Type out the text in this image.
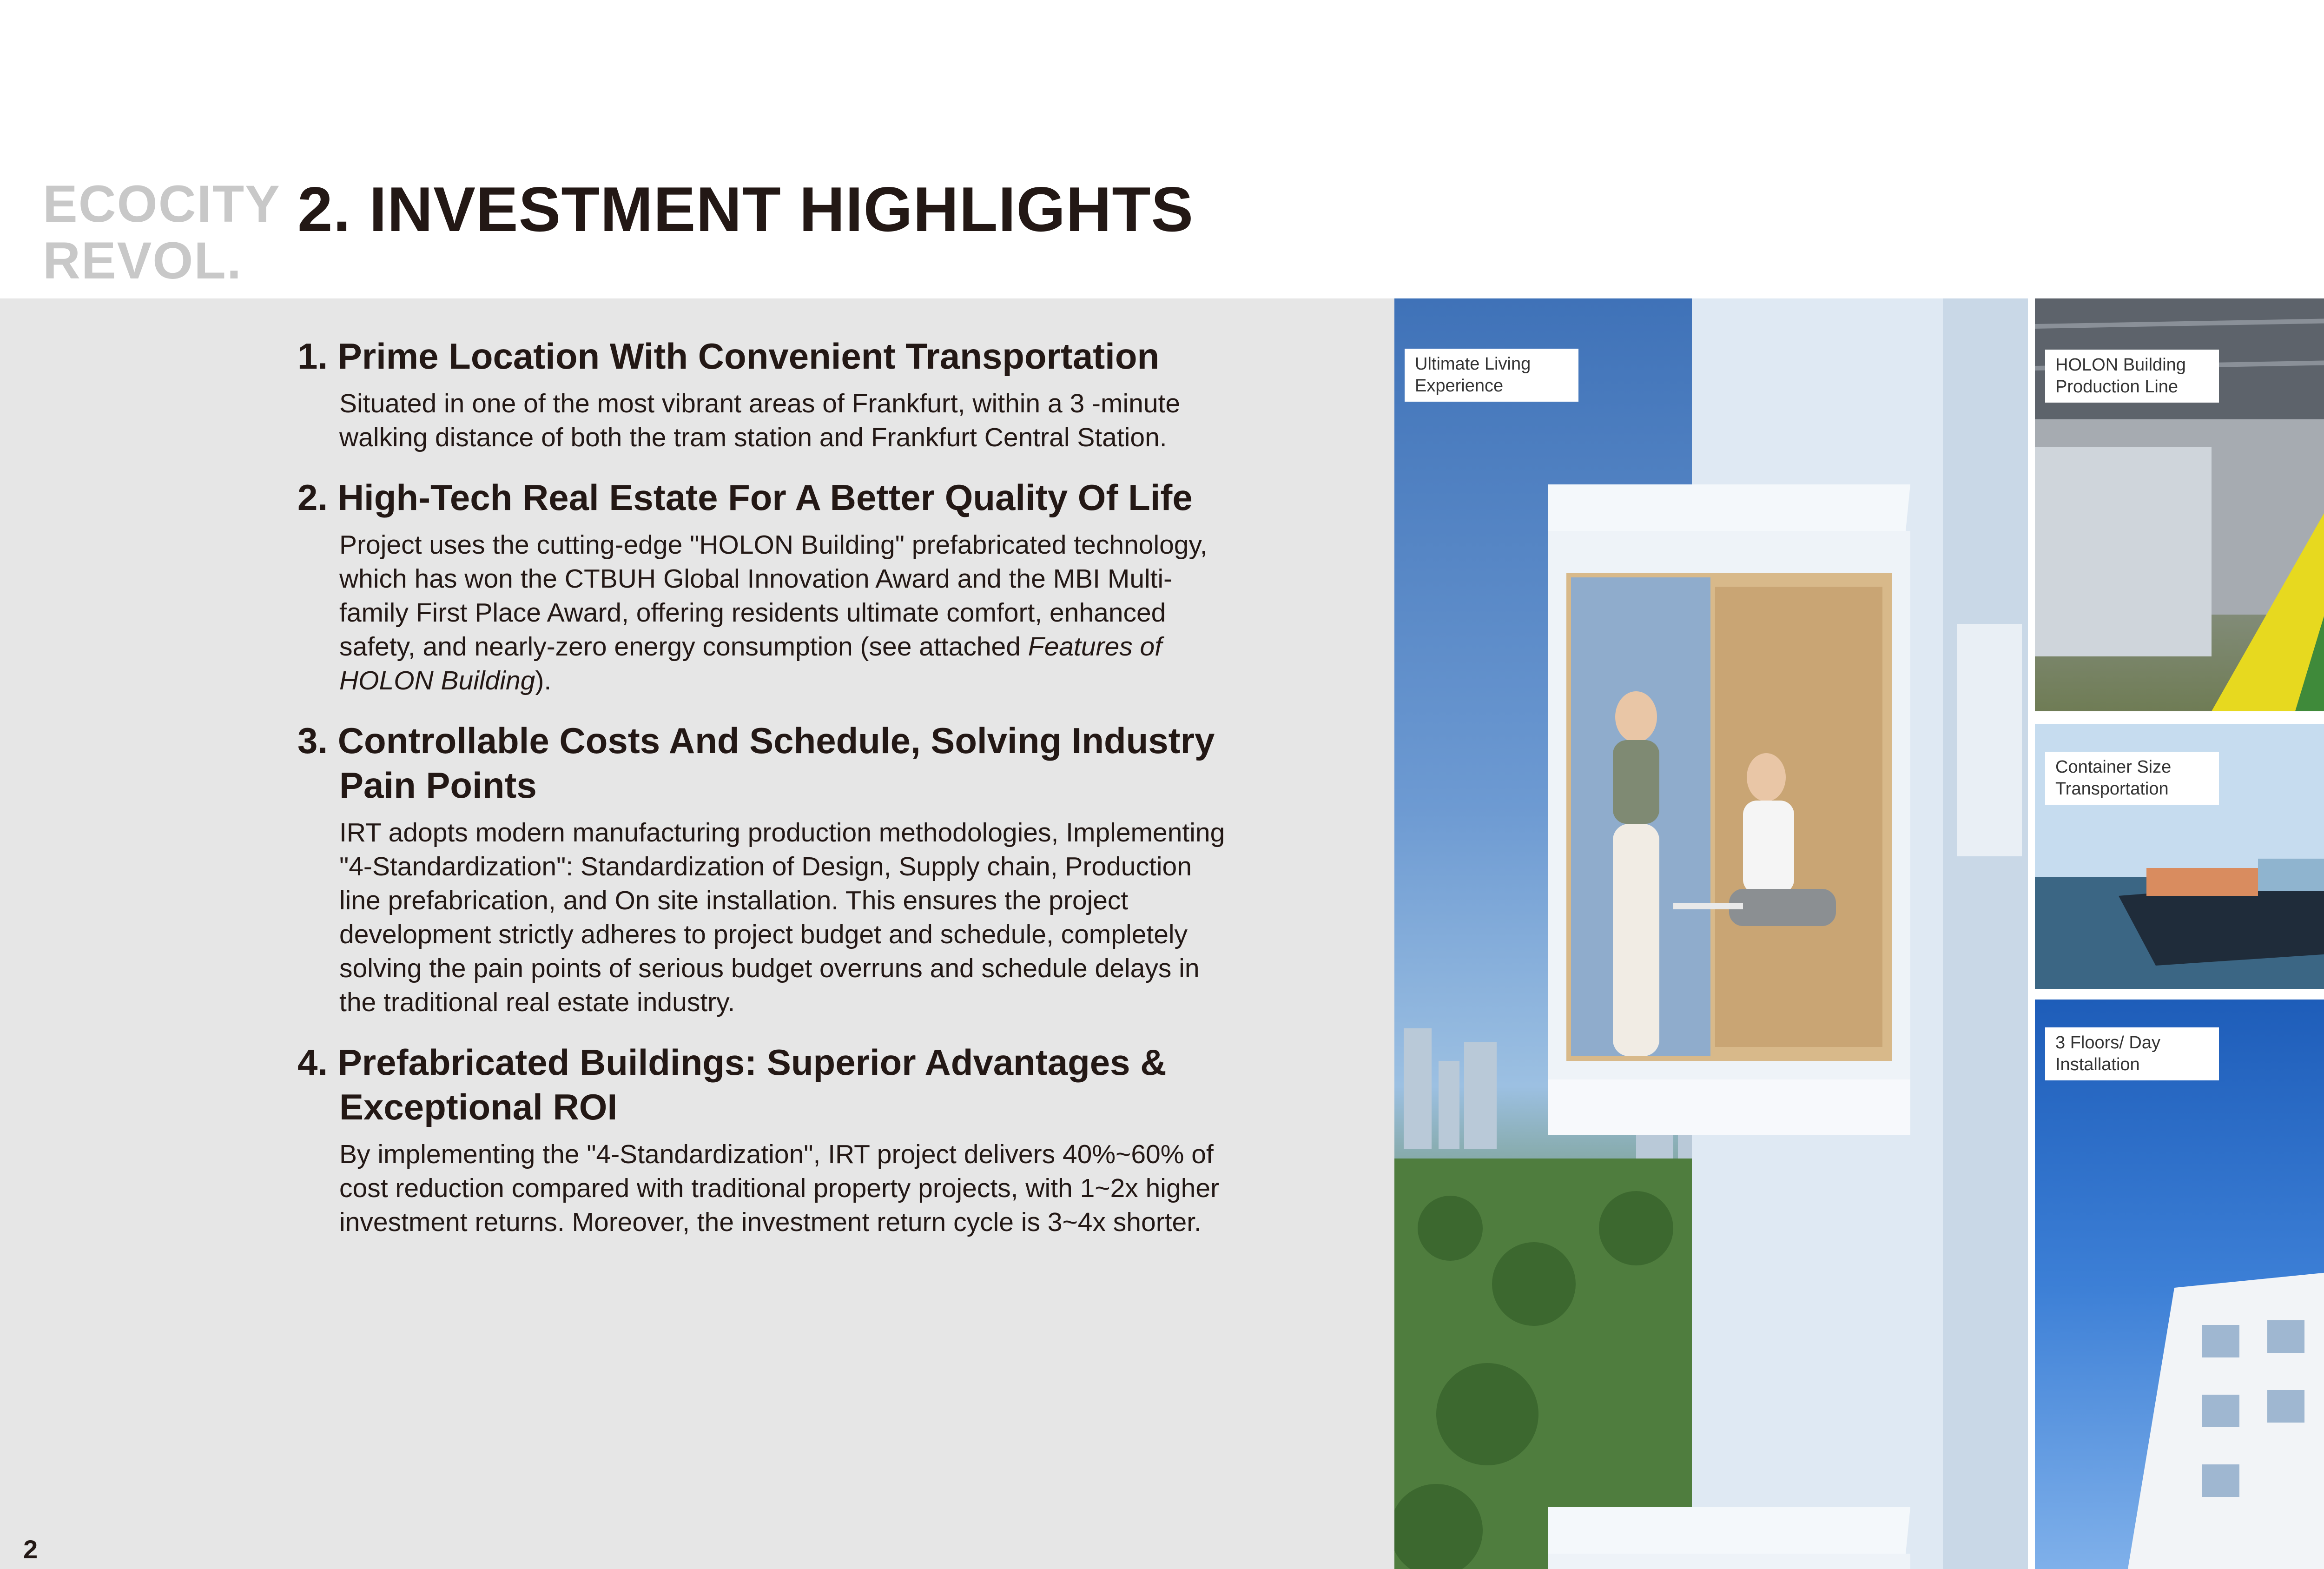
ECOCITY
REVOL.
2. INVESTMENT HIGHLIGHTS
1. Prime Location With Convenient Transportation
Situated in one of the most vibrant areas of Frankfurt, within a 3 -minute walking distance of both the tram station and Frankfurt Central Station.
2. High-Tech Real Estate For A Better Quality Of Life
Project uses the cutting-edge "HOLON Building" prefabricated technology, which has won the CTBUH Global Innovation Award and the MBI Multi-family First Place Award, offering residents ultimate comfort, enhanced safety, and nearly-zero energy consumption (see attached Features of HOLON Building).
3. Controllable Costs And Schedule, Solving Industry Pain Points
IRT adopts modern manufacturing production methodologies, Implementing "4-Standardization": Standardization of Design, Supply chain, Production line prefabrication, and On site installation. This ensures the project development strictly adheres to project budget and schedule, completely solving the pain points of serious budget overruns and schedule delays in the traditional real estate industry.
4. Prefabricated Buildings: Superior Advantages & Exceptional ROI
By implementing the "4-Standardization", IRT project delivers 40%~60% of cost reduction compared with traditional property projects, with 1~2x higher investment returns. Moreover, the investment return cycle is 3~4x shorter.
2
Ultimate Living Experience
HOLON Building Production Line
Container Size Transportation
3 Floors/ Day Installation
